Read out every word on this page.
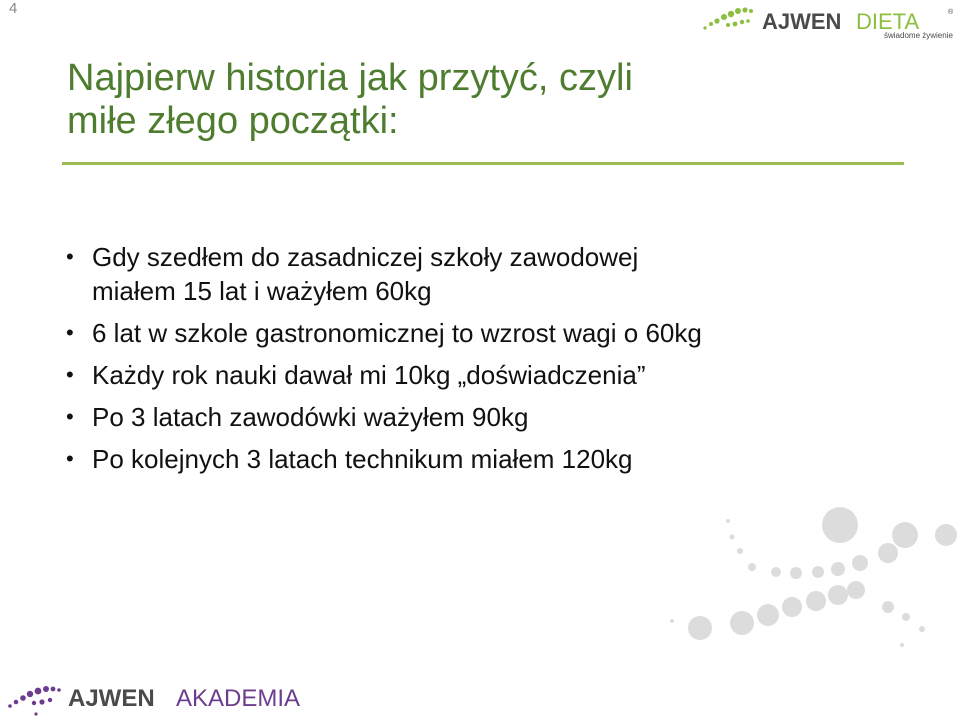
4
AJWEN DIETA	®
świadome żywienie
Najpierw historia jak przytyć, czyli
miłe złego początki:
• Gdy szedłem do zasadniczej szkoły zawodowej
miałem 15 lat i ważyłem 60kg
• 6 lat w szkole gastronomicznej to wzrost wagi o 60kg
• Każdy rok nauki dawał mi 10kg „doświadczenia”
• Po 3 latach zawodówki ważyłem 90kg
• Po kolejnych 3 latach technikum miałem 120kg
AJWEN AKADEMIA
